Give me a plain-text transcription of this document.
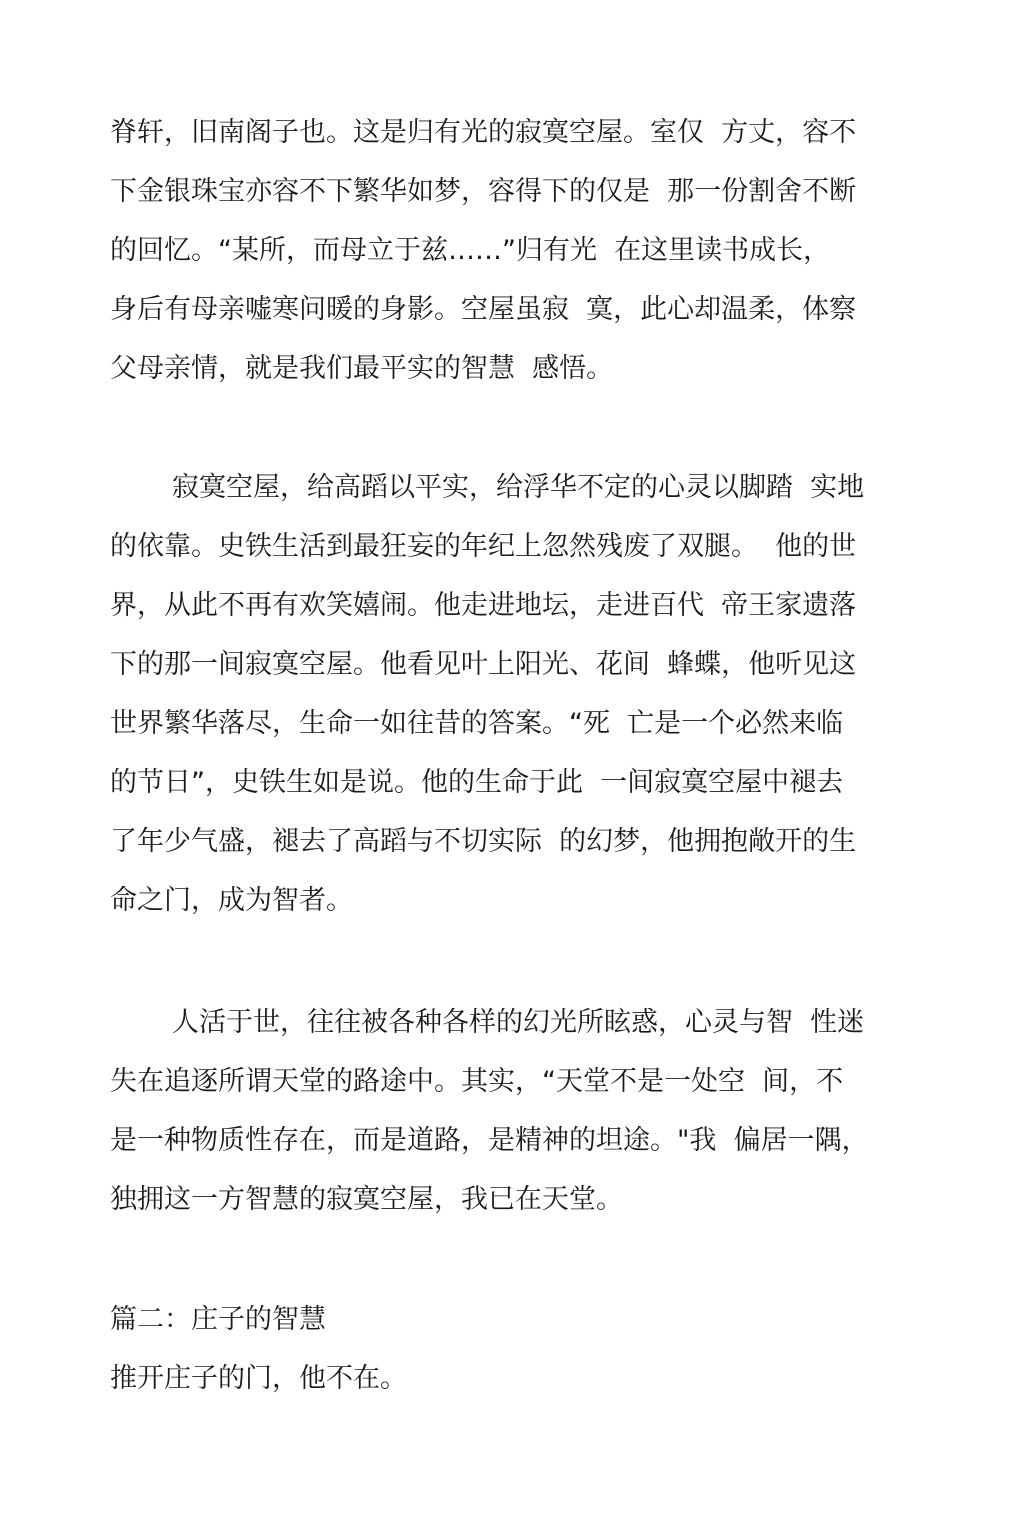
脊轩，旧南阁子也。这是归有光的寂寞空屋。室仅  方丈，容不
下金银珠宝亦容不下繁华如梦，容得下的仅是  那一份割舍不断
的回忆。“某所，而母立于兹……”归有光  在这里读书成长，
身后有母亲嘘寒问暖的身影。空屋虽寂  寞，此心却温柔，体察
父母亲情，就是我们最平实的智慧  感悟。
寂寞空屋，给高蹈以平实，给浮华不定的心灵以脚踏  实地
的依靠。史铁生活到最狂妄的年纪上忽然残废了双腿。  他的世
界，从此不再有欢笑嬉闹。他走进地坛，走进百代  帝王家遗落
下的那一间寂寞空屋。他看见叶上阳光、花间  蜂蝶，他听见这
世界繁华落尽，生命一如往昔的答案。“死  亡是一个必然来临
的节日”，史铁生如是说。他的生命于此  一间寂寞空屋中褪去
了年少气盛，褪去了高蹈与不切实际  的幻梦，他拥抱敞开的生
命之门，成为智者。
人活于世，往往被各种各样的幻光所眩惑，心灵与智  性迷
失在追逐所谓天堂的路途中。其实，“天堂不是一处空  间，不
是一种物质性存在，而是道路，是精神的坦途。"我  偏居一隅，
独拥这一方智慧的寂寞空屋，我已在天堂。
篇二：庄子的智慧
推开庄子的门，他不在。
